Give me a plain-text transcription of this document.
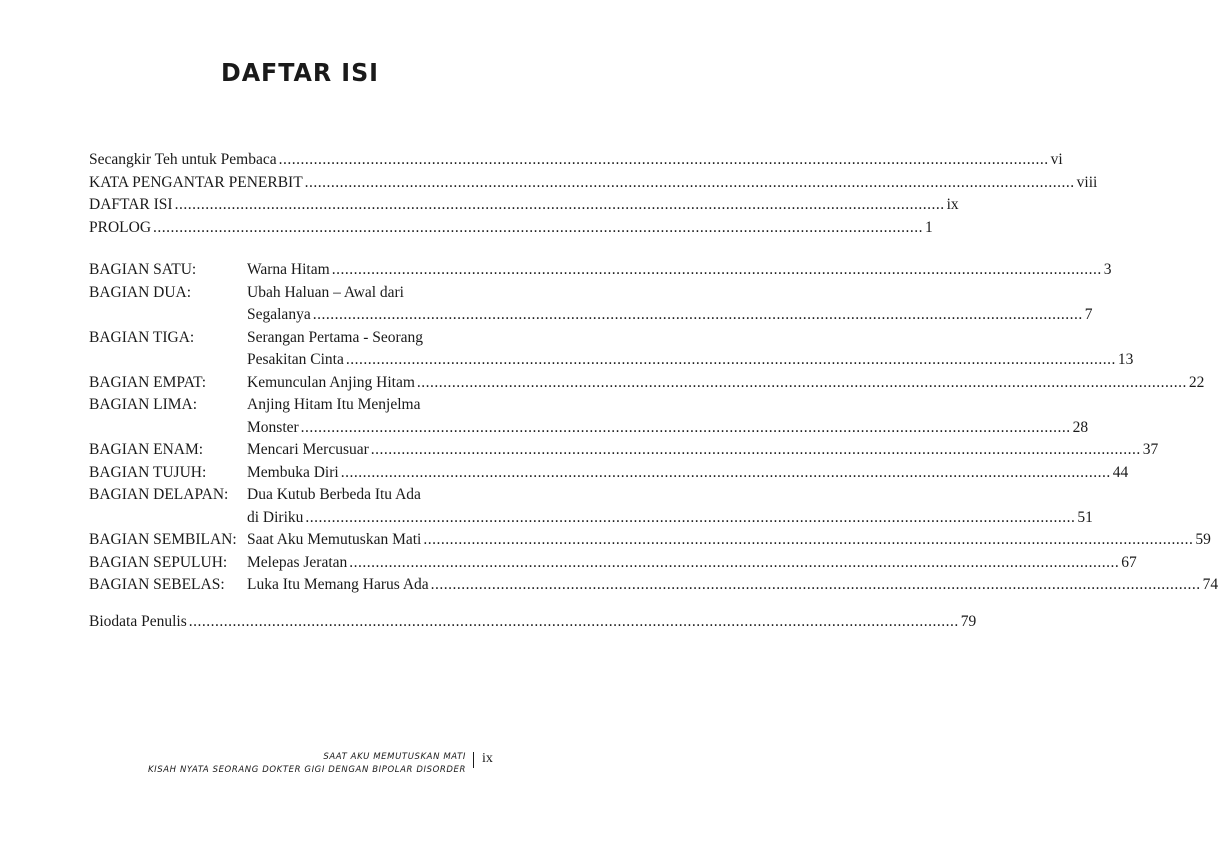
DAFTAR ISI
Secangkir Teh untuk Pembaca .....	vi
KATA PENGANTAR PENERBIT .....	viii
DAFTAR ISI .....	ix
PROLOG .....	1
BAGIAN SATU:	Warna Hitam .....	3
BAGIAN DUA:	Ubah Haluan – Awal dari
Segalanya .....	7
BAGIAN TIGA:	Serangan Pertama - Seorang
Pesakitan Cinta .....	13
BAGIAN EMPAT:	Kemunculan Anjing Hitam .....	22
BAGIAN LIMA:	Anjing Hitam Itu Menjelma
Monster .....	28
BAGIAN ENAM:	Mencari Mercusuar .....	37
BAGIAN TUJUH:	Membuka Diri .....	44
BAGIAN DELAPAN:	Dua Kutub Berbeda Itu Ada
di Diriku .....	51
BAGIAN SEMBILAN: Saat Aku Memutuskan Mati .....	59
BAGIAN SEPULUH:	Melepas Jeratan .....	67
BAGIAN SEBELAS:	Luka Itu Memang Harus Ada .....	74
Biodata Penulis .....	79
SAAT AKU MEMUTUSKAN MATI
KISAH NYATA SEORANG DOKTER GIGI DENGAN BIPOLAR DISORDER
ix
